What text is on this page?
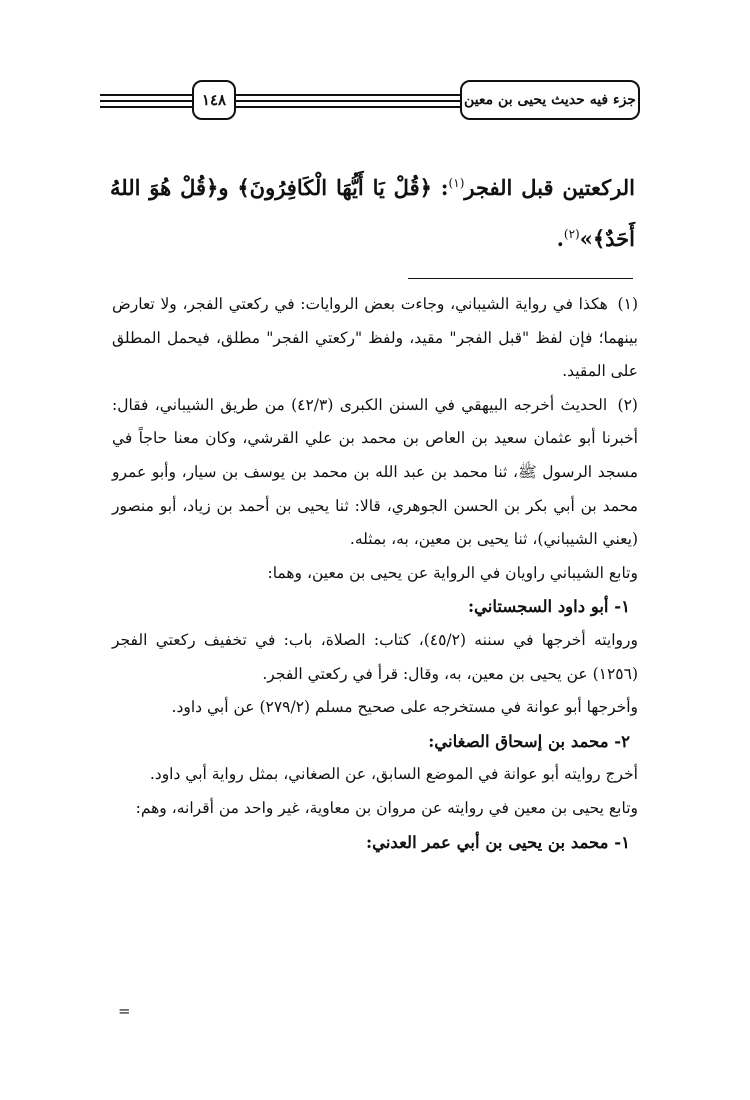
جزء فيه حديث يحيى بن معين
١٤٨
الركعتين قبل الفجر$^{(١)}$: ﴿قُلْ يَا أَيُّهَا الْكَافِرُونَ﴾ و﴿قُلْ هُوَ اللهُ أَحَدٌ﴾»$^{(٢)}$.
(١) هكذا في رواية الشيباني، وجاءت بعض الروايات: في ركعتي الفجر، ولا تعارض بينهما؛ فإن لفظ "قبل الفجر" مقيد، ولفظ "ركعتي الفجر" مطلق، فيحمل المطلق على المقيد.
(٢) الحديث أخرجه البيهقي في السنن الكبرى (٤٢/٣) من طريق الشيباني، فقال: أخبرنا أبو عثمان سعيد بن العاص بن محمد بن علي القرشي، وكان معنا حاجاً في مسجد الرسول ﷺ، ثنا محمد بن عبد الله بن محمد بن يوسف بن سيار، وأبو عمرو محمد بن أبي بكر بن الحسن الجوهري، قالا: ثنا يحيى بن أحمد بن زياد، أبو منصور (يعني الشيباني)، ثنا يحيى بن معين، به، بمثله.
وتابع الشيباني راويان في الرواية عن يحيى بن معين، وهما:
١- أبو داود السجستاني:
وروايته أخرجها في سننه (٤٥/٢)، كتاب: الصلاة، باب: في تخفيف ركعتي الفجر (١٢٥٦) عن يحيى بن معين، به، وقال: قرأ في ركعتي الفجر.
وأخرجها أبو عوانة في مستخرجه على صحيح مسلم (٢٧٩/٢) عن أبي داود.
٢- محمد بن إسحاق الصغاني:
أخرج روايته أبو عوانة في الموضع السابق، عن الصغاني، بمثل رواية أبي داود.
وتابع يحيى بن معين في روايته عن مروان بن معاوية، غير واحد من أقرانه، وهم:
١- محمد بن يحيى بن أبي عمر العدني:
=
